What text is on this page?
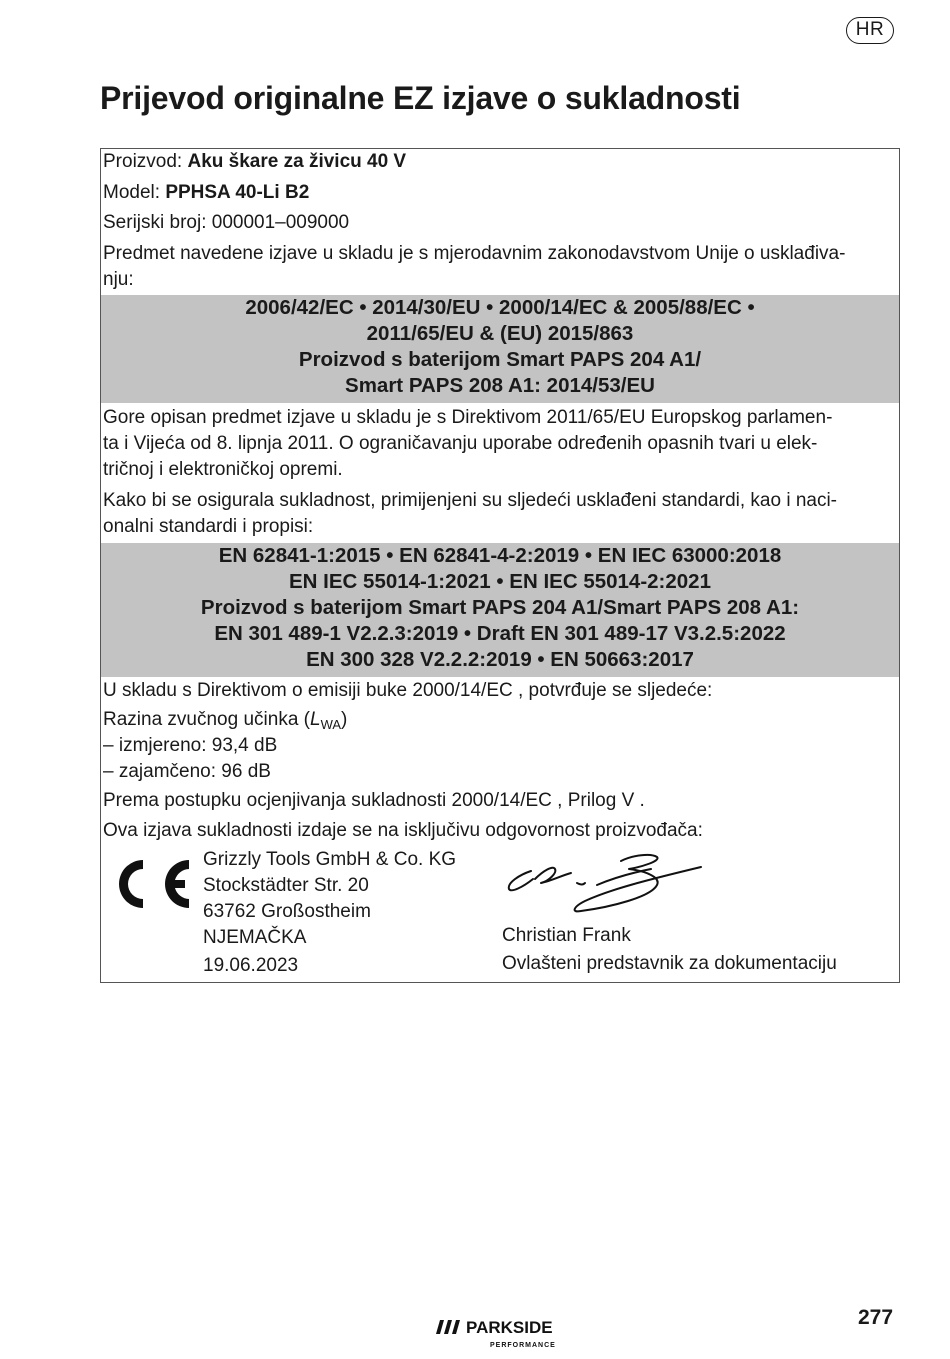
HR
Prijevod originalne EZ izjave o sukladnosti
Proizvod: Aku škare za živicu 40 V
Model: PPHSA 40-Li B2
Serijski broj: 000001–009000
Predmet navedene izjave u skladu je s mjerodavnim zakonodavstvom Unije o usklađiva-
nju:
2006/42/EC • 2014/30/EU • 2000/14/EC & 2005/88/EC •
2011/65/EU & (EU) 2015/863
Proizvod s baterijom Smart PAPS 204 A1/
Smart PAPS 208 A1: 2014/53/EU
Gore opisan predmet izjave u skladu je s Direktivom 2011/65/EU Europskog parlamen-
ta i Vijeća od 8. lipnja 2011. O ograničavanju uporabe određenih opasnih tvari u elek-
tričnoj i elektroničkoj opremi.
Kako bi se osigurala sukladnost, primijenjeni su sljedeći usklađeni standardi, kao i naci-
onalni standardi i propisi:
EN 62841-1:2015 • EN 62841-4-2:2019 • EN IEC 63000:2018
EN IEC 55014-1:2021 • EN IEC 55014-2:2021
Proizvod s baterijom Smart PAPS 204 A1/Smart PAPS 208 A1:
EN 301 489-1 V2.2.3:2019 • Draft EN 301 489-17 V3.2.5:2022
EN 300 328 V2.2.2:2019 • EN 50663:2017
U skladu s Direktivom o emisiji buke 2000/14/EC , potvrđuje se sljedeće:
Razina zvučnog učinka $(L_{WA})$
– izmjereno: 93,4 dB
– zajamčeno: 96 dB
Prema postupku ocjenjivanja sukladnosti 2000/14/EC , Prilog V .
Ova izjava sukladnosti izdaje se na isključivu odgovornost proizvođača:
Grizzly Tools GmbH & Co. KG
Stockstädter Str. 20
63762 Großostheim
NJEMAČKA
19.06.2023
Christian Frank
Ovlašteni predstavnik za dokumentaciju
PARKSIDE
PERFORMANCE
277
